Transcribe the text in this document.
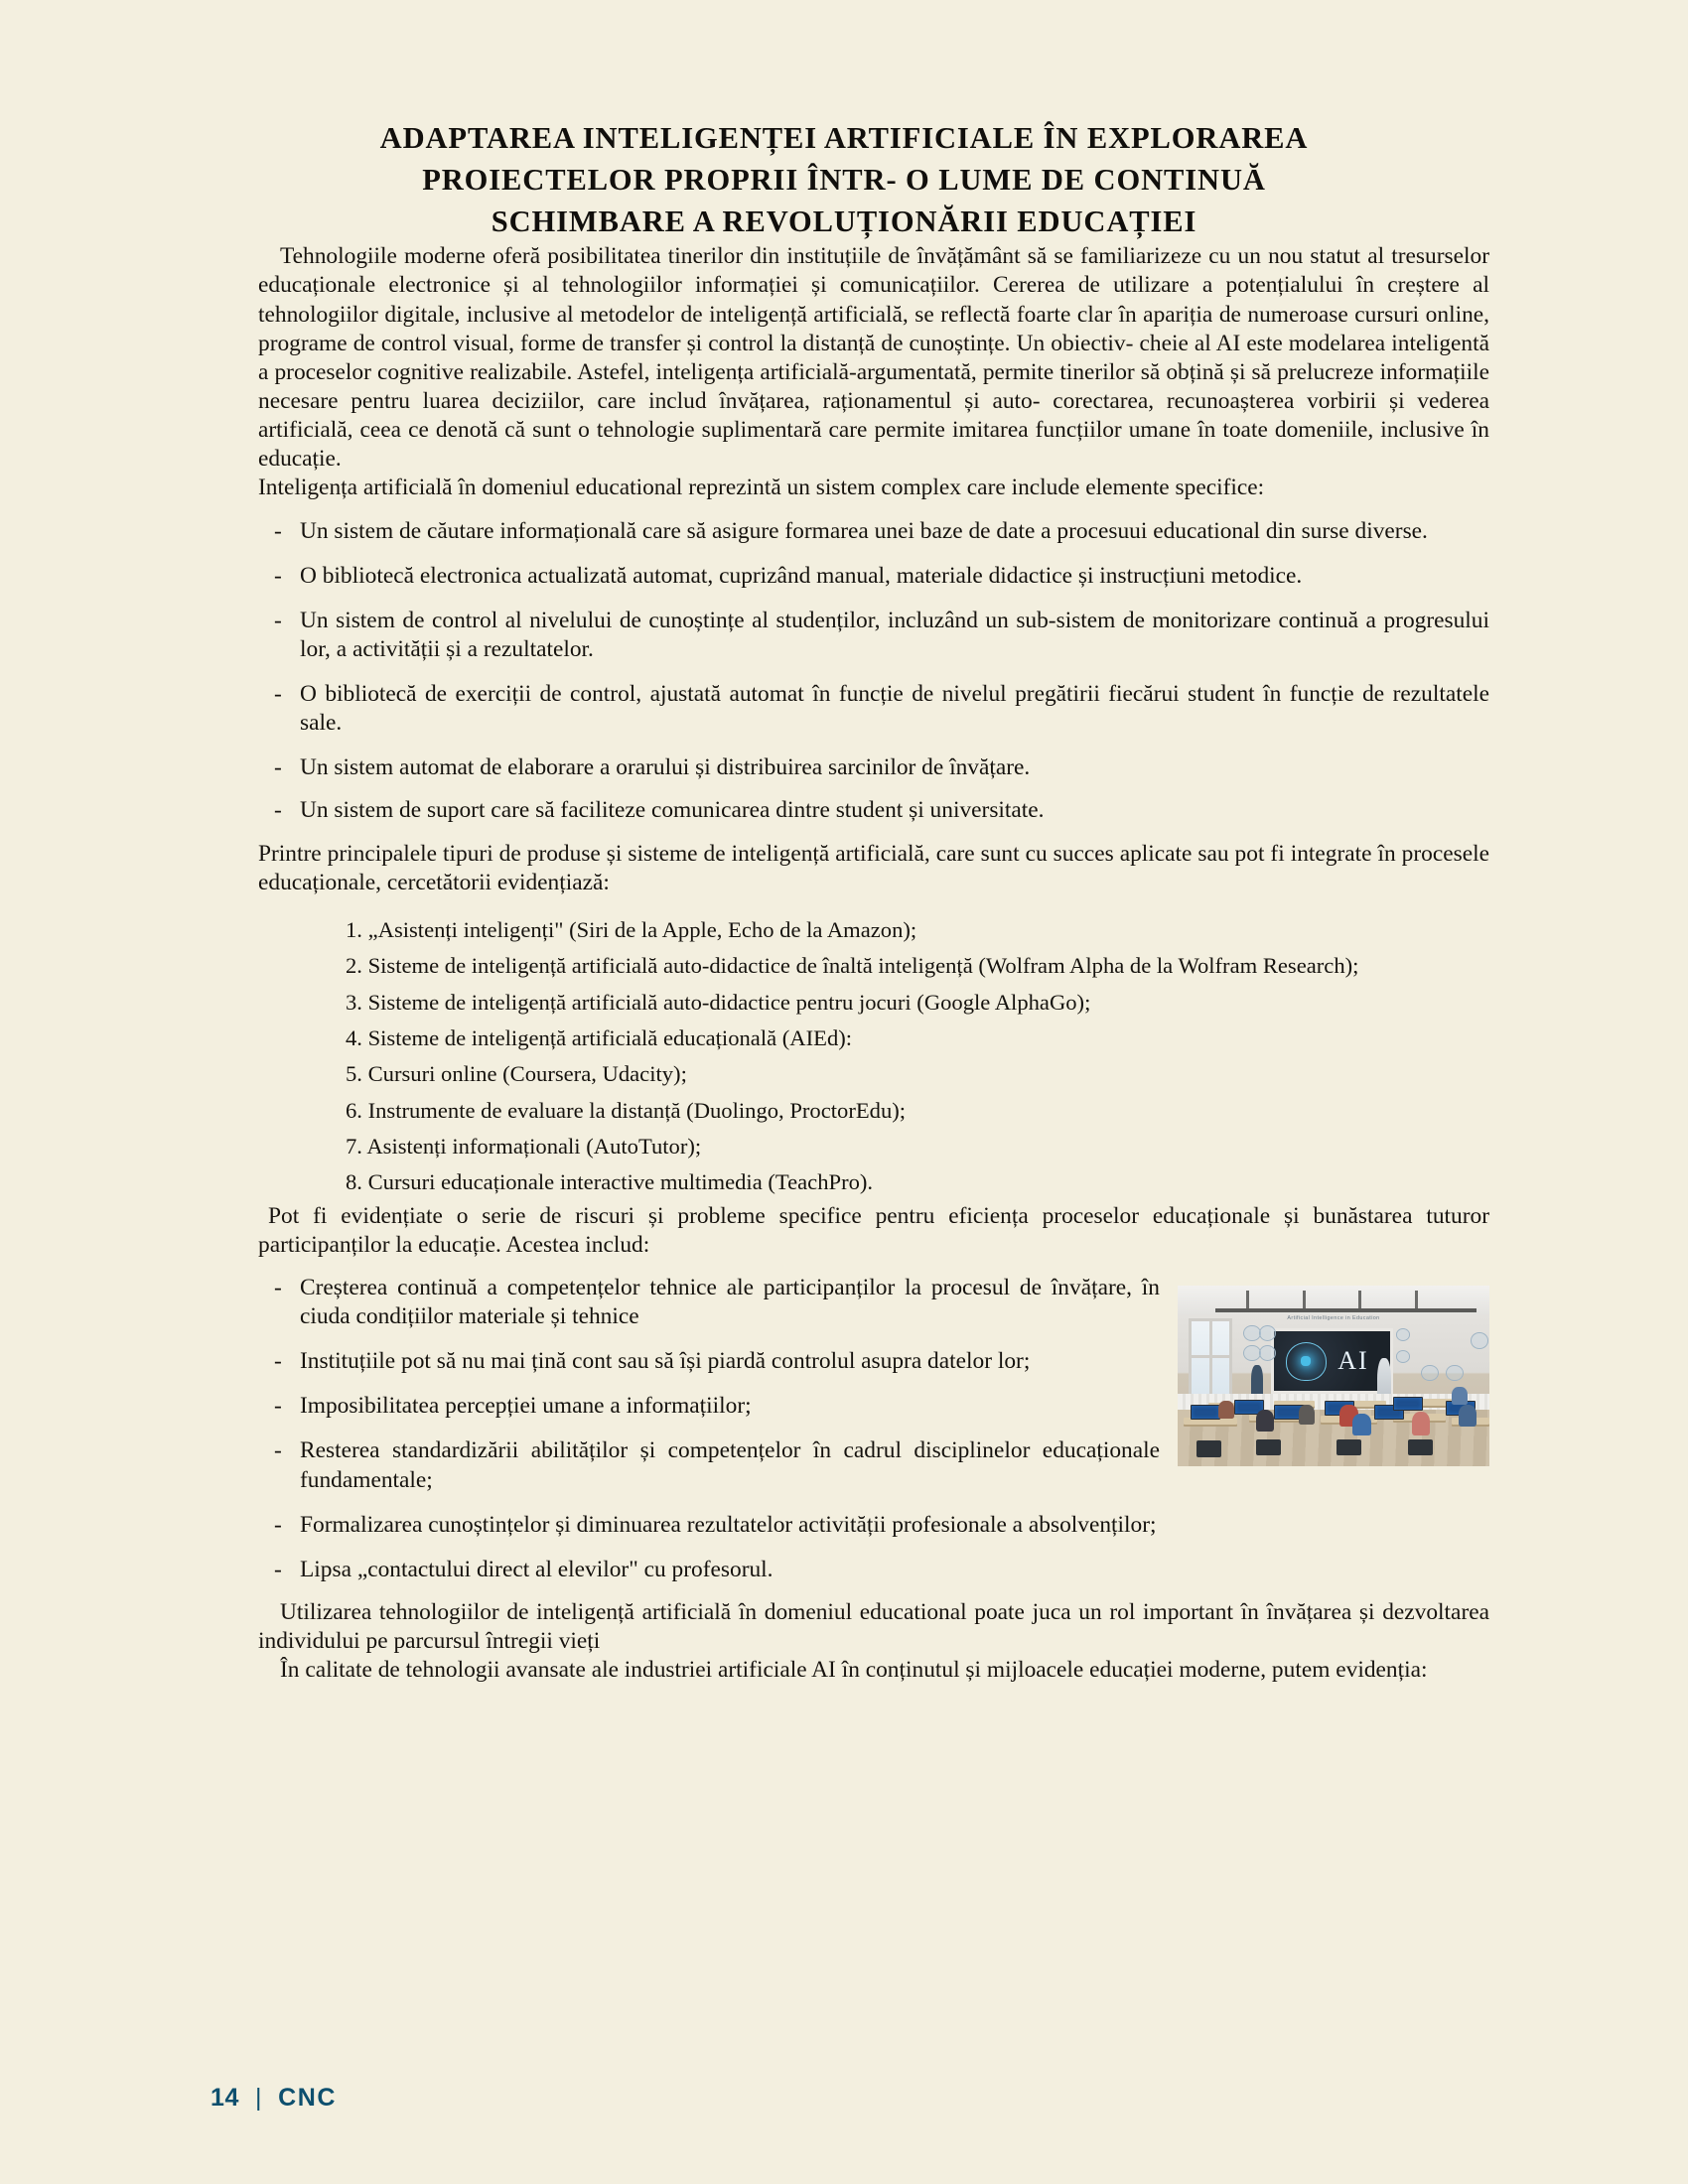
ADAPTAREA INTELIGENȚEI ARTIFICIALE ÎN EXPLORAREA
PROIECTELOR PROPRII ÎNTR- O LUME DE CONTINUĂ
SCHIMBARE A REVOLUȚIONĂRII EDUCAȚIEI

Tehnologiile moderne oferă posibilitatea tinerilor din instituțiile de învățământ să se familiarizeze cu un nou statut al tresurselor educaționale electronice și al tehnologiilor informației și comunicațiilor. Cererea de utilizare a potențialului în creștere al tehnologiilor digitale, inclusive al metodelor de inteligență artificială, se reflectă foarte clar în apariția de numeroase cursuri online, programe de control visual, forme de transfer și control la distanță de cunoștințe. Un obiectiv- cheie al AI este modelarea inteligentă a proceselor cognitive realizabile. Astefel, inteligența artificială-argumentată, permite tinerilor să obțină și să prelucreze informațiile necesare pentru luarea deciziilor, care includ învățarea, raționamentul și auto- corectarea, recunoașterea vorbirii și vederea artificială, ceea ce denotă că sunt o tehnologie suplimentară care permite imitarea funcțiilor umane în toate domeniile, inclusive în educație.

Inteligența artificială în domeniul educational reprezintă un sistem complex care include elemente specifice:

- Un sistem de căutare informațională care să asigure formarea unei baze de date a procesuui educational din surse diverse.
- O bibliotecă electronica actualizată automat, cuprizând manual, materiale didactice și instrucțiuni metodice.
- Un sistem de control al nivelului de cunoștințe al studenților, incluzând un sub-sistem de monitorizare continuă a progresului lor, a activității și a rezultatelor.
- O bibliotecă de exerciții de control, ajustată automat în funcție de nivelul pregătirii fiecărui student în funcție de rezultatele sale.
- Un sistem automat de elaborare a orarului și distribuirea sarcinilor de învățare.
- Un sistem de suport care să faciliteze comunicarea dintre student și universitate.

Printre principalele tipuri de produse și sisteme de inteligență artificială, care sunt cu succes aplicate sau pot fi integrate în procesele educaționale, cercetătorii evidențiază:

1. „Asistenți inteligenți" (Siri de la Apple, Echo de la Amazon);
2. Sisteme de inteligență artificială auto-didactice de înaltă inteligență (Wolfram Alpha de la Wolfram Research);
3. Sisteme de inteligență artificială auto-didactice pentru jocuri (Google AlphaGo);
4. Sisteme de inteligență artificială educațională (AIEd):
5. Cursuri online (Coursera, Udacity);
6. Instrumente de evaluare la distanță (Duolingo, ProctorEdu);
7. Asistenți informaționali (AutoTutor);
8. Cursuri educaționale interactive multimedia (TeachPro).

Pot fi evidențiate o serie de riscuri și probleme specifice pentru eficiența proceselor educaționale și bunăstarea tuturor participanților la educație. Acestea includ:

Artificial Intelligence in Education
AI
- Creșterea continuă a competențelor tehnice ale participanților la procesul de învățare, în ciuda condițiilor materiale și tehnice
- Instituțiile pot să nu mai țină cont sau să își piardă controlul asupra datelor lor;
- Imposibilitatea percepției umane a informațiilor;
- Resterea standardizării abilităților și competențelor în cadrul disciplinelor educaționale fundamentale;
- Formalizarea cunoștințelor și diminuarea rezultatelor activității profesionale a absolvenților;
- Lipsa „contactului direct al elevilor" cu profesorul.

Utilizarea tehnologiilor de inteligență artificială în domeniul educational poate juca un rol important în învățarea și dezvoltarea individului pe parcursul întregii vieți

În calitate de tehnologii avansate ale industriei artificiale AI în conținutul și mijloacele educației moderne, putem evidenția:

14 | CNC
